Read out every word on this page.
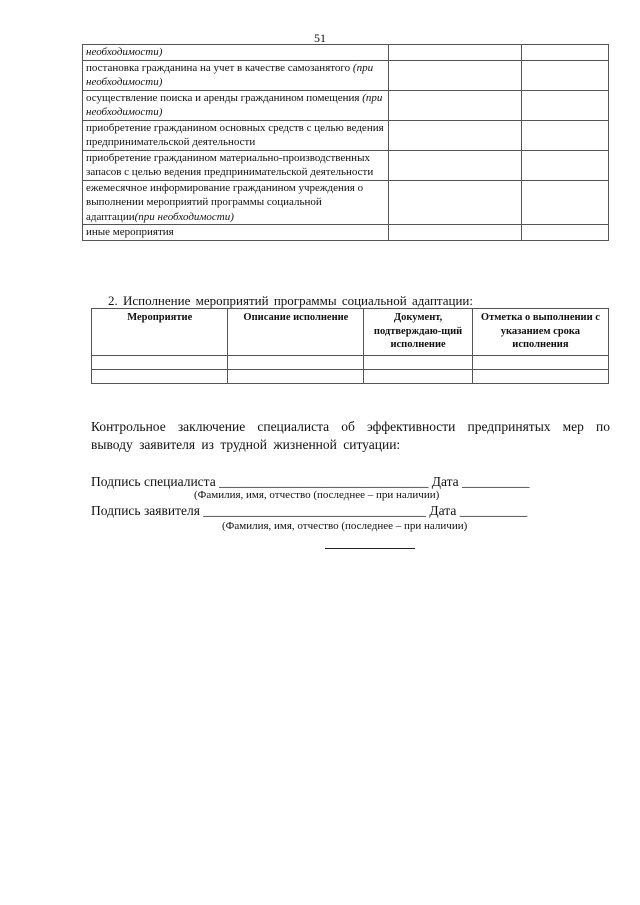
51
необходимости)		
постановка гражданина на учет в качестве самозанятого (при необходимости)		
осуществление поиска и аренды гражданином помещения (при необходимости)		
приобретение гражданином основных средств с целью ведения предпринимательской деятельности		
приобретение гражданином материально-производственных запасов с целью ведения предпринимательской деятельности		
ежемесячное информирование гражданином учреждения о выполнении мероприятий программы социальной адаптации(при необходимости)		
иные мероприятия		
2. Исполнение мероприятий программы социальной адаптации:
Мероприятие	Описание исполнение	Документ, подтверждаю-щий исполнение	Отметка о выполнении с указанием срока исполнения

Контрольное заключение специалиста об эффективности предпринятых мер по выводу заявителя из трудной жизненной ситуации:
Подпись специалиста _______________________________ Дата __________
(Фамилия, имя, отчество (последнее – при наличии)
Подпись заявителя _________________________________ Дата __________
(Фамилия, имя, отчество (последнее – при наличии)
